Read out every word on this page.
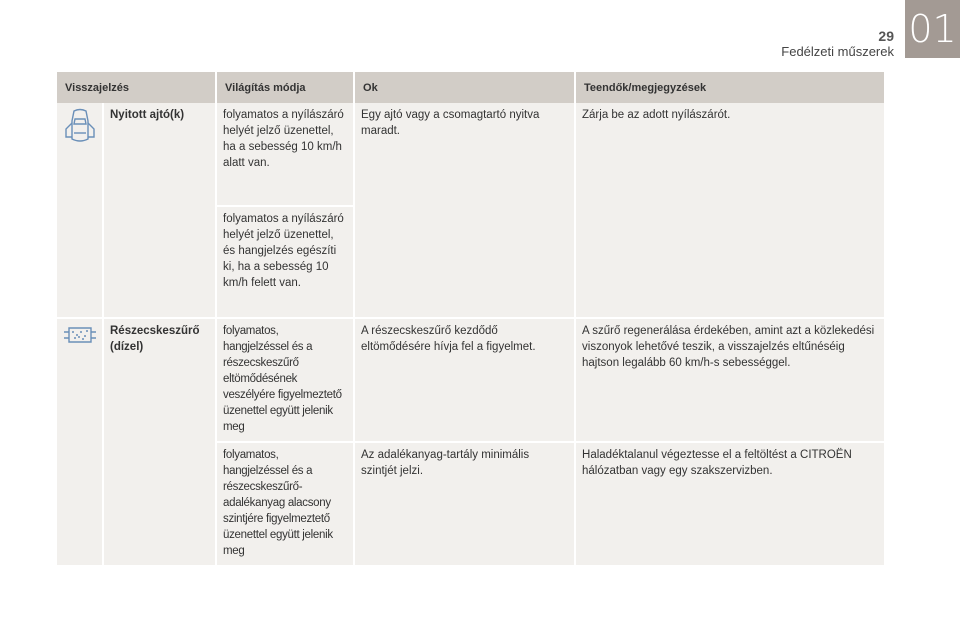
29
Fedélzeti műszerek
01
Visszajelzés		Világítás módja	Ok	Teendők/megjegyzések
	Nyitott ajtó(k)	folyamatos a nyílászáró helyét jelző üzenettel, ha a sebesség 10 km/h alatt van.	Egy ajtó vagy a csomagtartó nyitva maradt.	Zárja be az adott nyílászárót.
		folyamatos a nyílászáró helyét jelző üzenettel, és hangjelzés egészíti ki, ha a sebesség 10 km/h felett van.		
	Részecskeszűrő (dízel)	folyamatos, hangjelzéssel és a részecskeszűrő eltömődésének veszélyére figyelmeztető üzenettel együtt jelenik meg	A részecskeszűrő kezdődő eltömődésére hívja fel a figyelmet.	A szűrő regenerálása érdekében, amint azt a közlekedési viszonyok lehetővé teszik, a visszajelzés eltűnéséig hajtson legalább 60 km/h-s sebességgel.
		folyamatos, hangjelzéssel és a részecskeszűrő-adalékanyag alacsony szintjére figyelmeztető üzenettel együtt jelenik meg	Az adalékanyag-tartály minimális szintjét jelzi.	Haladéktalanul végeztesse el a feltöltést a CITROËN hálózatban vagy egy szakszervizben.
